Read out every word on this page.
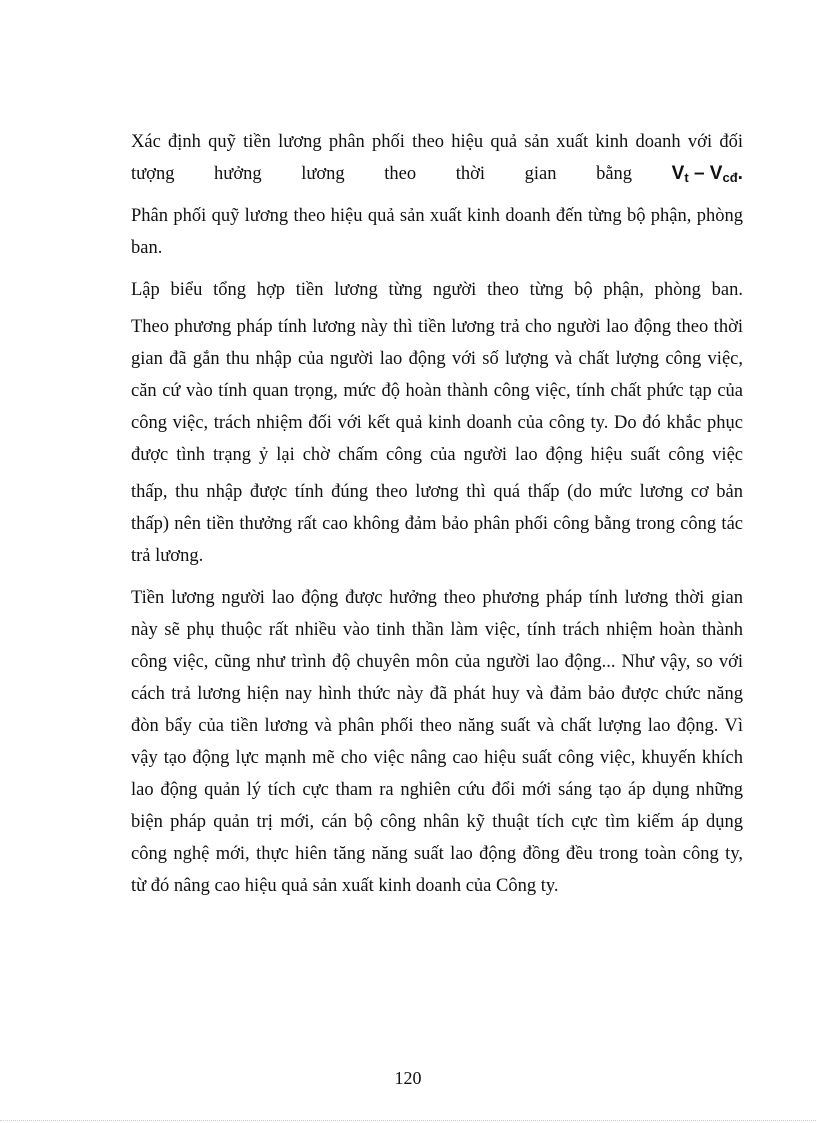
Xác định quỹ tiền lương phân phối theo hiệu quả sản xuất kinh doanh với đối
tượng hưởng lương theo thời gian bằng $V_t - V_{cđ}$.
Phân phối quỹ lương theo hiệu quả sản xuất kinh doanh đến từng bộ phận, phòng
ban.
Lập biểu tổng hợp tiền lương từng người theo từng bộ phận, phòng ban.
Theo phương pháp tính lương này thì tiền lương trả cho người lao động theo thời
gian đã gắn thu nhập của người lao động với số lượng và chất lượng công việc,
căn cứ vào tính quan trọng, mức độ hoàn thành công việc, tính chất phức tạp của
công việc, trách nhiệm đối với kết quả kinh doanh của công ty. Do đó khắc phục
được tình trạng ỷ lại chờ chấm công của người lao động hiệu suất công việc
thấp, thu nhập được tính đúng theo lương thì quá thấp (do mức lương cơ bản
thấp) nên tiền thưởng rất cao không đảm bảo phân phối công bằng trong công tác
trả lương.
Tiền lương người lao động được hưởng theo phương pháp tính lương thời gian
này sẽ phụ thuộc rất nhiều vào tinh thần làm việc, tính trách nhiệm hoàn thành
công việc, cũng như trình độ chuyên môn của người lao động... Như vậy, so với
cách trả lương hiện nay hình thức này đã phát huy và đảm bảo được chức năng
đòn bẩy của tiền lương và phân phối theo năng suất và chất lượng lao động. Vì
vậy tạo động lực mạnh mẽ cho việc nâng cao hiệu suất công việc, khuyến khích
lao động quản lý tích cực tham ra nghiên cứu đổi mới sáng tạo áp dụng những
biện pháp quản trị mới, cán bộ công nhân kỹ thuật tích cực tìm kiếm áp dụng
công nghệ mới, thực hiên tăng năng suất lao động đồng đều trong toàn công ty,
từ đó nâng cao hiệu quả sản xuất kinh doanh của Công ty.
120
